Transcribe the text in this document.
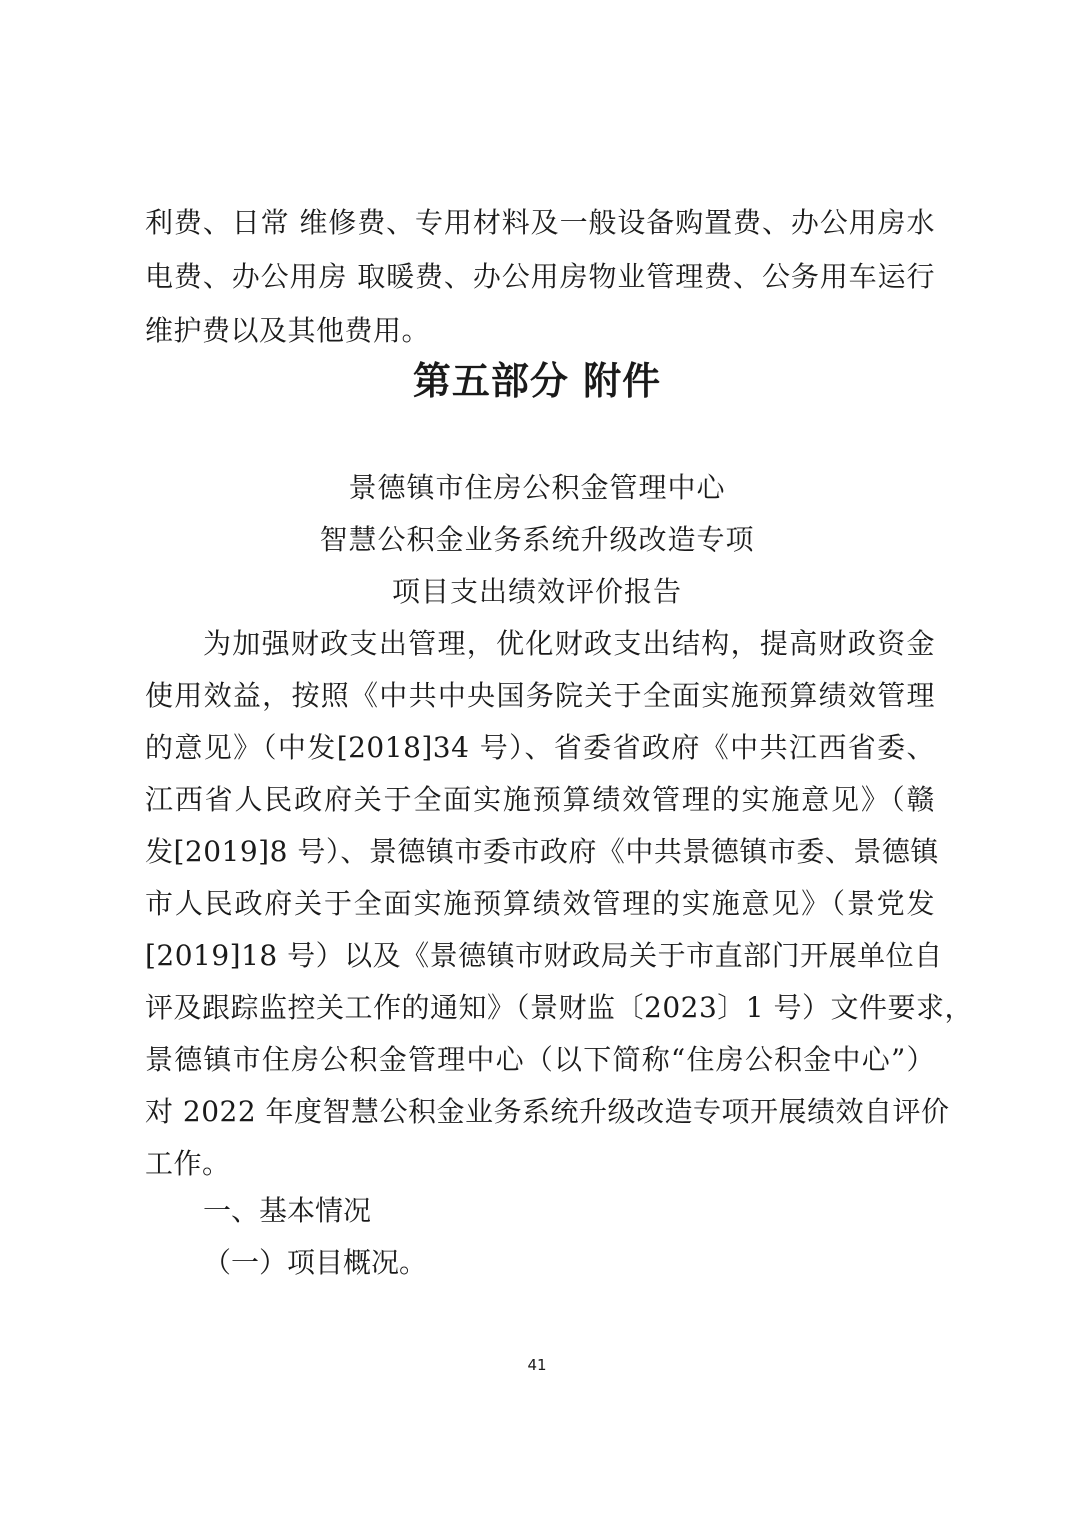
利费、日常 维修费、专用材料及一般设备购置费、办公用房水
电费、办公用房 取暖费、办公用房物业管理费、公务用车运行
维护费以及其他费用。
第五部分 附件
景德镇市住房公积金管理中心
智慧公积金业务系统升级改造专项
项目支出绩效评价报告
为加强财政支出管理，优化财政支出结构，提高财政资金
使用效益，按照《中共中央国务院关于全面实施预算绩效管理
的意见》（中发[2018]34 号）、省委省政府《中共江西省委、
江西省人民政府关于全面实施预算绩效管理的实施意见》（赣
发[2019]8 号）、景德镇市委市政府《中共景德镇市委、景德镇
市人民政府关于全面实施预算绩效管理的实施意见》（景党发
[2019]18 号）以及《景德镇市财政局关于市直部门开展单位自
评及跟踪监控关工作的通知》（景财监〔2023〕1 号）文件要求，
景德镇市住房公积金管理中心（以下简称“住房公积金中心”）
对 2022 年度智慧公积金业务系统升级改造专项开展绩效自评价
工作。
一、基本情况
（一）项目概况。
41
